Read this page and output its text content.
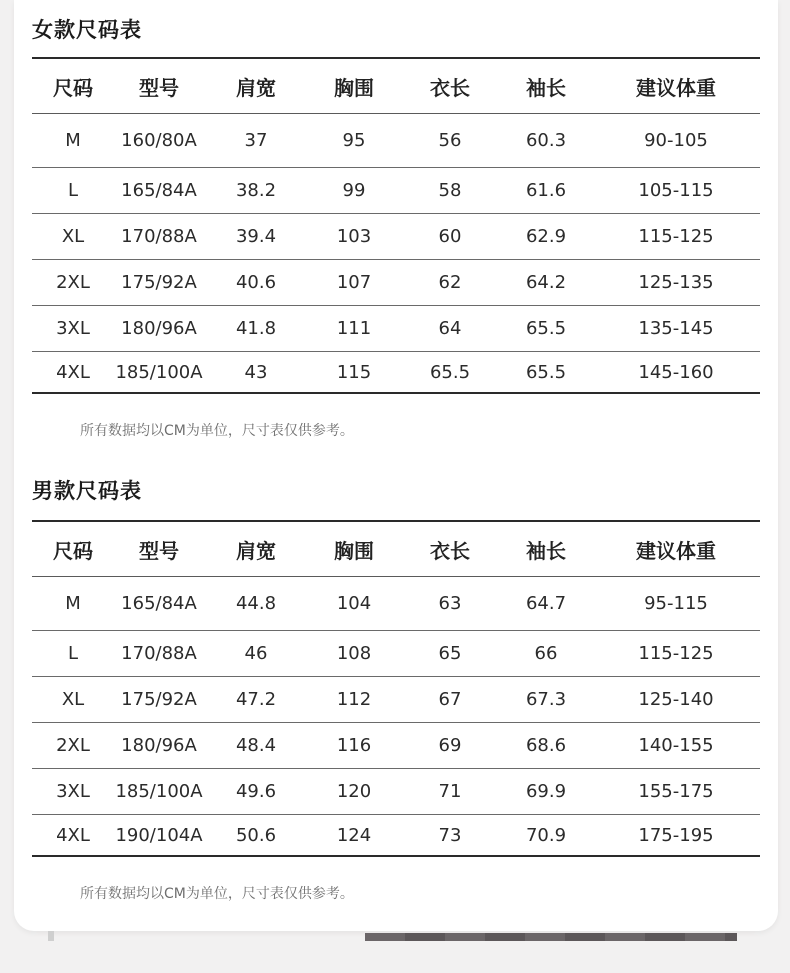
女款尺码表
尺码	型号	肩宽	胸围	衣长	袖长	建议体重
M	160/80A	37	95	56	60.3	90-105
L	165/84A	38.2	99	58	61.6	105-115
XL	170/88A	39.4	103	60	62.9	115-125
2XL	175/92A	40.6	107	62	64.2	125-135
3XL	180/96A	41.8	111	64	65.5	135-145
4XL	185/100A	43	115	65.5	65.5	145-160
所有数据均以CM为单位，尺寸表仅供参考。
男款尺码表
尺码	型号	肩宽	胸围	衣长	袖长	建议体重
M	165/84A	44.8	104	63	64.7	95-115
L	170/88A	46	108	65	66	115-125
XL	175/92A	47.2	112	67	67.3	125-140
2XL	180/96A	48.4	116	69	68.6	140-155
3XL	185/100A	49.6	120	71	69.9	155-175
4XL	190/104A	50.6	124	73	70.9	175-195
所有数据均以CM为单位，尺寸表仅供参考。
